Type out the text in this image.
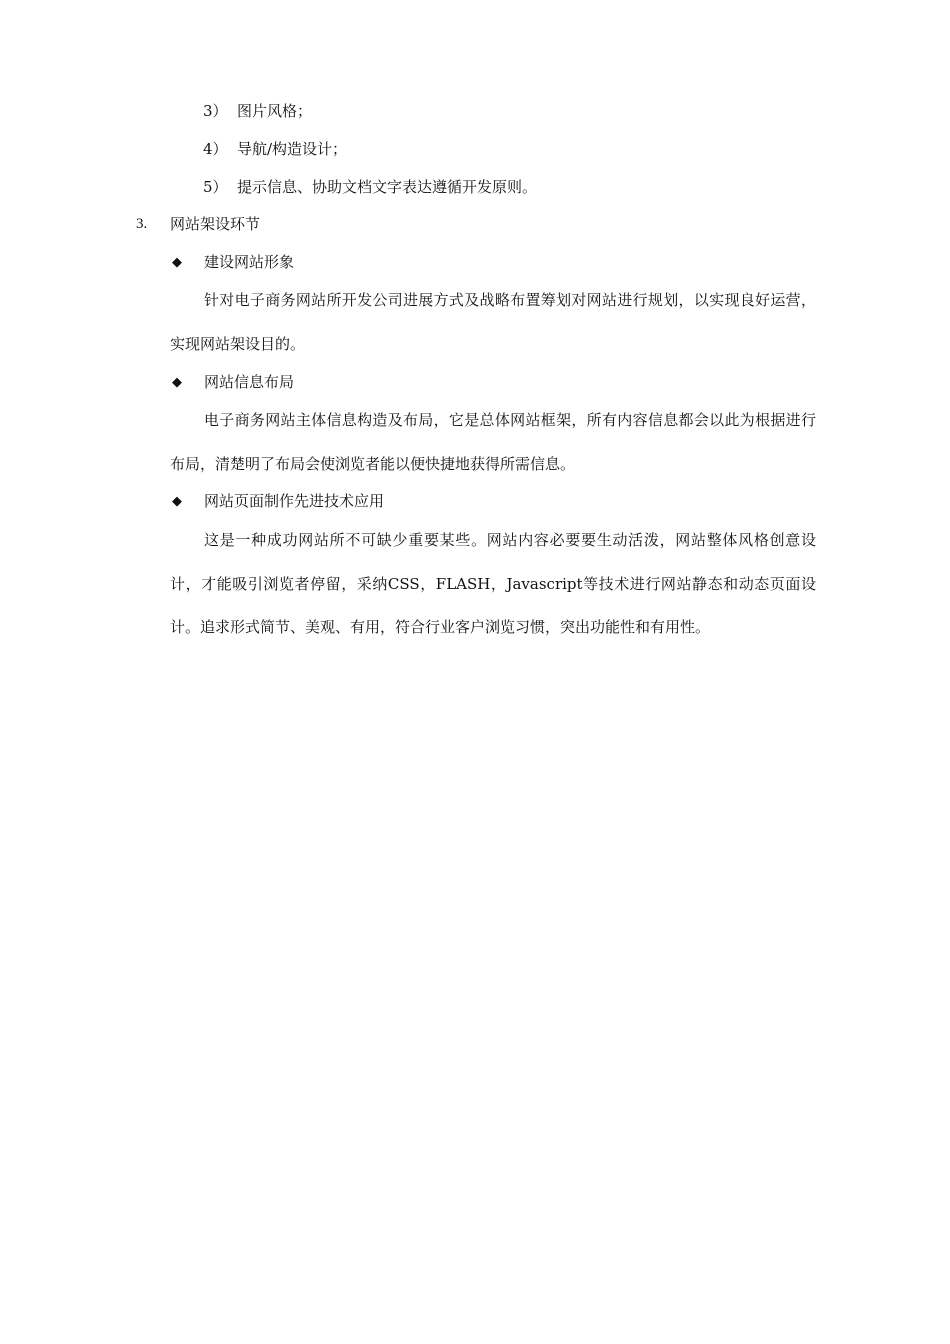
3） 图片风格；
4） 导航/构造设计；
5） 提示信息、协助文档文字表达遵循开发原则。
3. 网站架设环节
◆ 建设网站形象
针对电子商务网站所开发公司进展方式及战略布置筹划对网站进行规划，以实现良好运营，实现网站架设目的。
◆ 网站信息布局
电子商务网站主体信息构造及布局，它是总体网站框架，所有内容信息都会以此为根据进行布局，清楚明了布局会使浏览者能以便快捷地获得所需信息。
◆ 网站页面制作先进技术应用
这是一种成功网站所不可缺少重要某些。网站内容必要要生动活泼，网站整体风格创意设计，才能吸引浏览者停留，采纳CSS，FLASH，Javascript等技术进行网站静态和动态页面设计。追求形式简节、美观、有用，符合行业客户浏览习惯，突出功能性和有用性。
